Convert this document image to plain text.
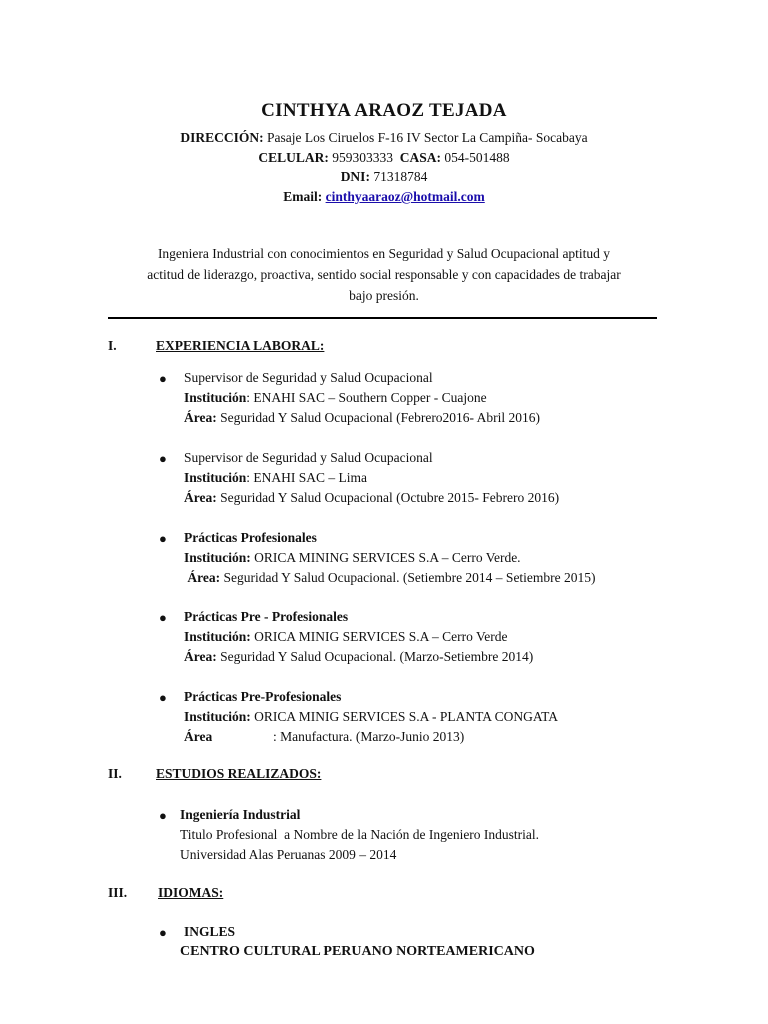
CINTHYA ARAOZ TEJADA
DIRECCIÓN: Pasaje Los Ciruelos F-16 IV Sector La Campiña- Socabaya
CELULAR: 959303333  CASA: 054-501488
DNI: 71318784
Email: cinthyaaraoz@hotmail.com
Ingeniera Industrial con conocimientos en Seguridad y Salud Ocupacional aptitud y
actitud de liderazgo, proactiva, sentido social responsable y con capacidades de trabajar
bajo presión.
I.	EXPERIENCIA LABORAL:
● Supervisor de Seguridad y Salud Ocupacional
Institución: ENAHI SAC – Southern Copper - Cuajone
Área: Seguridad Y Salud Ocupacional (Febrero2016- Abril 2016)
● Supervisor de Seguridad y Salud Ocupacional
Institución: ENAHI SAC – Lima
Área: Seguridad Y Salud Ocupacional (Octubre 2015- Febrero 2016)
● Prácticas Profesionales
Institución: ORICA MINING SERVICES S.A – Cerro Verde.
Área: Seguridad Y Salud Ocupacional. (Setiembre 2014 – Setiembre 2015)
● Prácticas Pre - Profesionales
Institución: ORICA MINIG SERVICES S.A – Cerro Verde
Área: Seguridad Y Salud Ocupacional. (Marzo-Setiembre 2014)
● Prácticas Pre-Profesionales
Institución: ORICA MINIG SERVICES S.A - PLANTA CONGATA
Área	: Manufactura. (Marzo-Junio 2013)
II.	ESTUDIOS REALIZADOS:
● Ingeniería Industrial
Titulo Profesional  a Nombre de la Nación de Ingeniero Industrial.
Universidad Alas Peruanas 2009 – 2014
III. IDIOMAS:
● INGLES
CENTRO CULTURAL PERUANO NORTEAMERICANO
